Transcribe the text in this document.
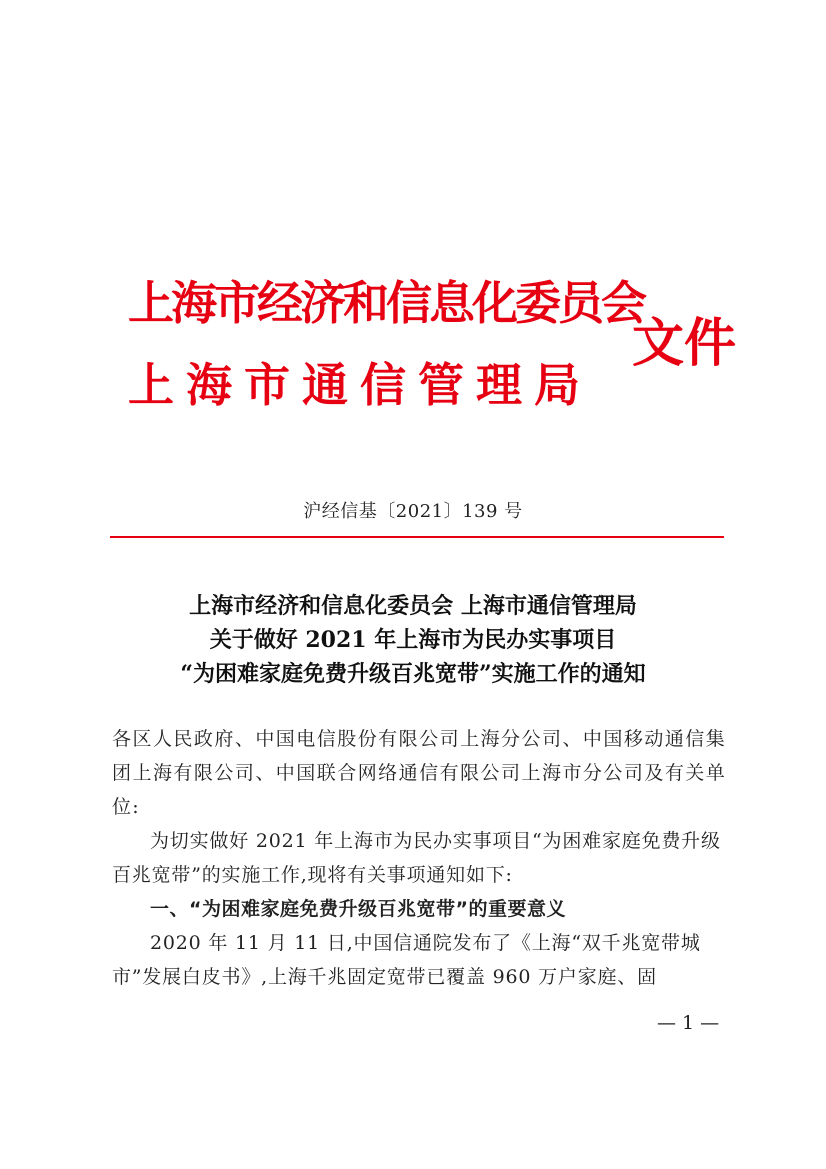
上海市经济和信息化委员会
上海市通信管理局
文件
沪经信基〔2021〕139 号
上海市经济和信息化委员会 上海市通信管理局
关于做好 2021 年上海市为民办实事项目
“为困难家庭免费升级百兆宽带”实施工作的通知

各区人民政府、中国电信股份有限公司上海分公司、中国移动通信集团上海有限公司、中国联合网络通信有限公司上海市分公司及有关单位:

为切实做好 2021 年上海市为民办实事项目“为困难家庭免费升级百兆宽带”的实施工作,现将有关事项通知如下:

一、“为困难家庭免费升级百兆宽带”的重要意义

2020 年 11 月 11 日,中国信通院发布了《上海“双千兆宽带城市”发展白皮书》,上海千兆固定宽带已覆盖 960 万户家庭、固

— 1 —
